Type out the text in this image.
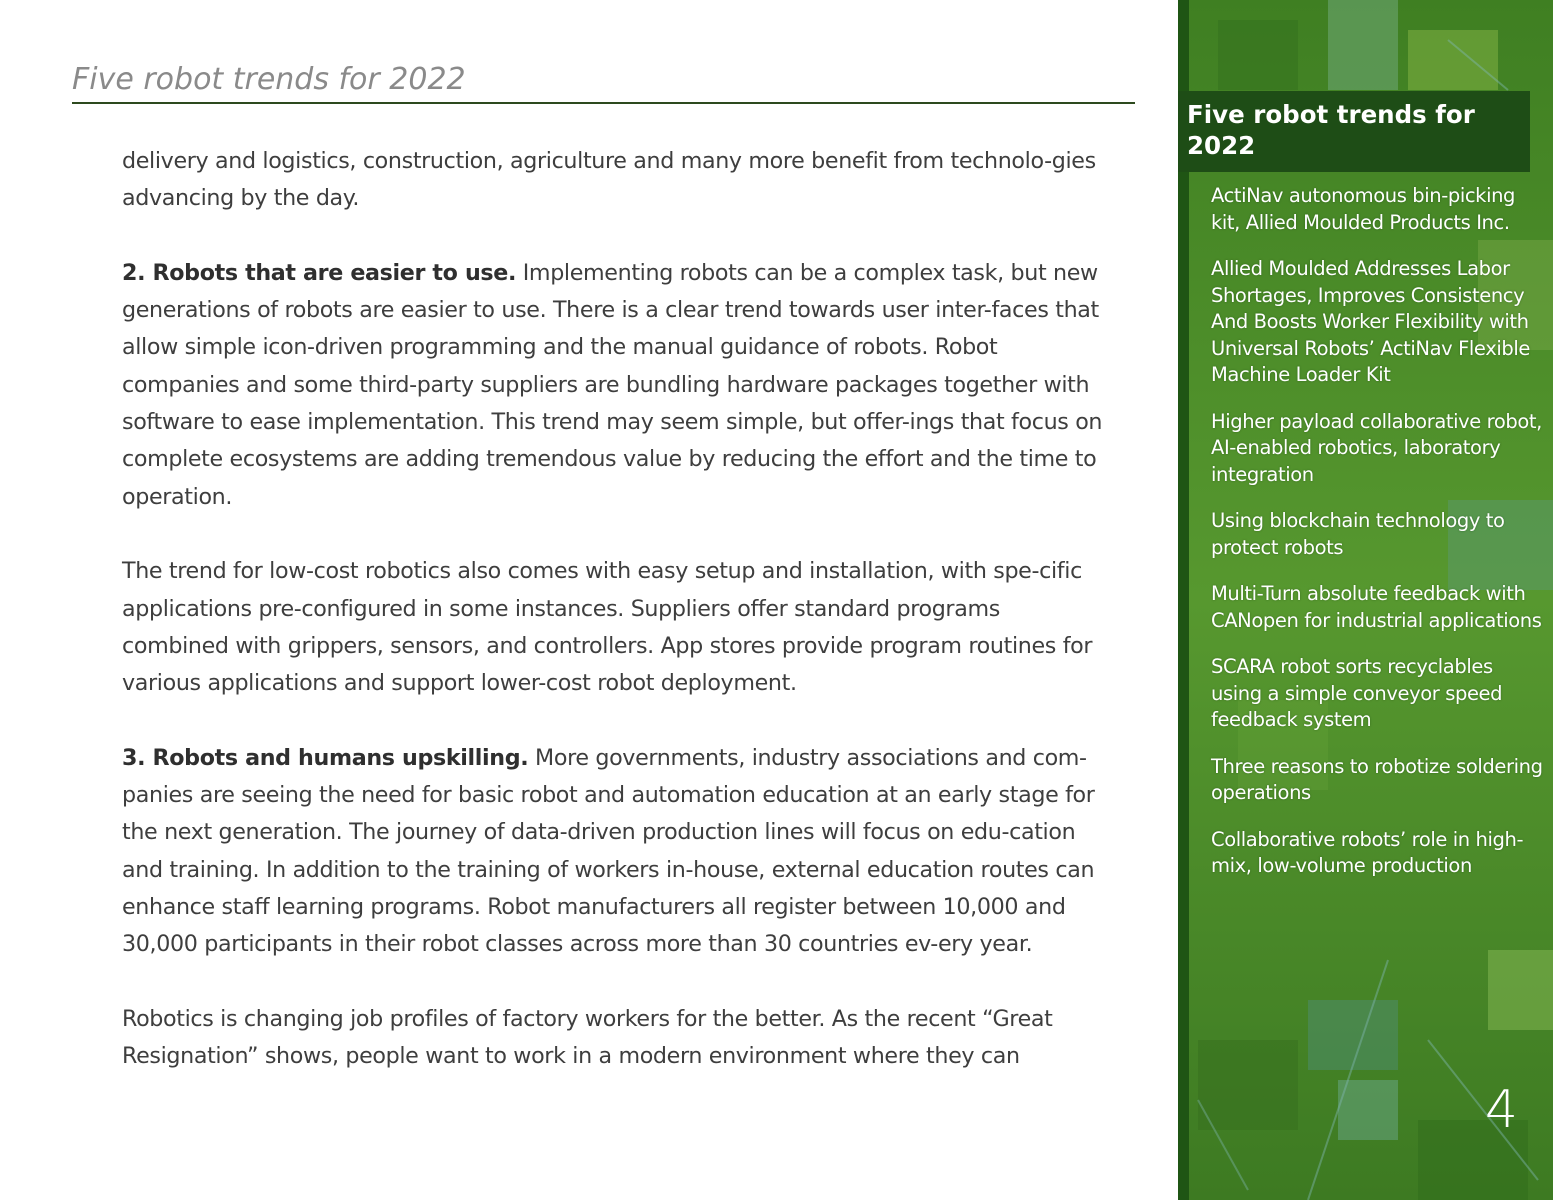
Five robot trends for 2022

delivery and logistics, construction, agriculture and many more benefit from technolo-gies advancing by the day.

2. Robots that are easier to use. Implementing robots can be a complex task, but new generations of robots are easier to use. There is a clear trend towards user inter-faces that allow simple icon-driven programming and the manual guidance of robots. Robot companies and some third-party suppliers are bundling hardware packages together with software to ease implementation. This trend may seem simple, but offer-ings that focus on complete ecosystems are adding tremendous value by reducing the effort and the time to operation.

The trend for low-cost robotics also comes with easy setup and installation, with spe-cific applications pre-configured in some instances. Suppliers offer standard programs combined with grippers, sensors, and controllers. App stores provide program routines for various applications and support lower-cost robot deployment.

3. Robots and humans upskilling. More governments, industry associations and com-panies are seeing the need for basic robot and automation education at an early stage for the next generation. The journey of data-driven production lines will focus on edu-cation and training. In addition to the training of workers in-house, external education routes can enhance staff learning programs. Robot manufacturers all register between 10,000 and 30,000 participants in their robot classes across more than 30 countries ev-ery year.

Robotics is changing job profiles of factory workers for the better. As the recent “Great Resignation” shows, people want to work in a modern environment where they can

Five robot trends for 2022
ActiNav autonomous bin-picking kit, Allied Moulded Products Inc.
Allied Moulded Addresses Labor Shortages, Improves Consistency And Boosts Worker Flexibility with Universal Robots’ ActiNav Flexible Machine Loader Kit
Higher payload collaborative robot, AI-enabled robotics, laboratory integration
Using blockchain technology to protect robots
Multi-Turn absolute feedback with CANopen for industrial applications
SCARA robot sorts recyclables using a simple conveyor speed feedback system
Three reasons to robotize soldering operations
Collaborative robots’ role in high-mix, low-volume production
4
